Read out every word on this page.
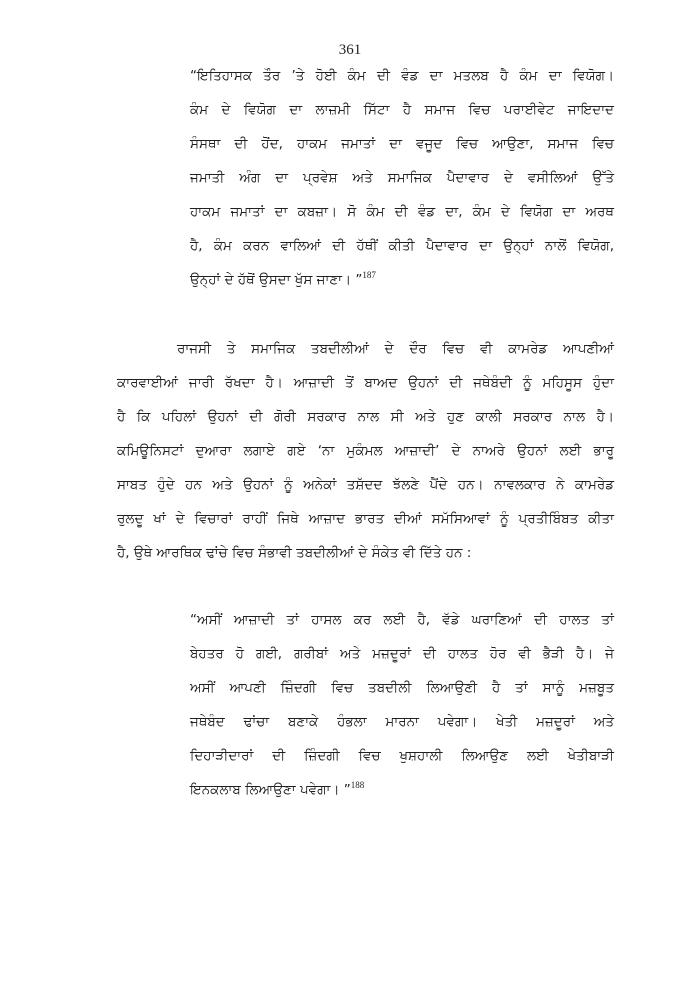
361
“ਇਤਿਹਾਸਕ ਤੌਰ ’ਤੇ ਹੋਈ ਕੰਮ ਦੀ ਵੰਡ ਦਾ ਮਤਲਬ ਹੈ ਕੰਮ ਦਾ ਵਿਯੋਗ।
ਕੰਮ ਦੇ ਵਿਯੋਗ ਦਾ ਲਾਜ਼ਮੀ ਸਿੱਟਾ ਹੈ ਸਮਾਜ ਵਿਚ ਪਰਾਈਵੇਟ ਜਾਇਦਾਦ
ਸੰਸਥਾ ਦੀ ਹੋਂਦ, ਹਾਕਮ ਜਮਾਤਾਂ ਦਾ ਵਜੂਦ ਵਿਚ ਆਉਣਾ, ਸਮਾਜ ਵਿਚ
ਜਮਾਤੀ ਅੰਗ ਦਾ ਪ੍ਰਵੇਸ਼ ਅਤੇ ਸਮਾਜਿਕ ਪੈਦਾਵਾਰ ਦੇ ਵਸੀਲਿਆਂ ਉੱਤੇ
ਹਾਕਮ ਜਮਾਤਾਂ ਦਾ ਕਬਜ਼ਾ। ਸੋ ਕੰਮ ਦੀ ਵੰਡ ਦਾ, ਕੰਮ ਦੇ ਵਿਯੋਗ ਦਾ ਅਰਥ
ਹੈ, ਕੰਮ ਕਰਨ ਵਾਲਿਆਂ ਦੀ ਹੱਥੀਂ ਕੀਤੀ ਪੈਦਾਵਾਰ ਦਾ ਉਨ੍ਹਾਂ ਨਾਲੋਂ ਵਿਯੋਗ,
ਉਨ੍ਹਾਂ ਦੇ ਹੱਥੋਂ ਉਸਦਾ ਖੁੱਸ ਜਾਣਾ। ”$^{187}$
ਰਾਜਸੀ ਤੇ ਸਮਾਜਿਕ ਤਬਦੀਲੀਆਂ ਦੇ ਦੌਰ ਵਿਚ ਵੀ ਕਾਮਰੇਡ ਆਪਣੀਆਂ
ਕਾਰਵਾਈਆਂ ਜਾਰੀ ਰੱਖਦਾ ਹੈ। ਆਜ਼ਾਦੀ ਤੋਂ ਬਾਅਦ ਉਹਨਾਂ ਦੀ ਜਥੇਬੰਦੀ ਨੂੰ ਮਹਿਸੂਸ ਹੁੰਦਾ
ਹੈ ਕਿ ਪਹਿਲਾਂ ਉਹਨਾਂ ਦੀ ਗੋਰੀ ਸਰਕਾਰ ਨਾਲ ਸੀ ਅਤੇ ਹੁਣ ਕਾਲੀ ਸਰਕਾਰ ਨਾਲ ਹੈ।
ਕਮਿਊਨਿਸਟਾਂ ਦੁਆਰਾ ਲਗਾਏ ਗਏ ‘ਨਾ ਮੁਕੰਮਲ ਆਜ਼ਾਦੀ’ ਦੇ ਨਾਅਰੇ ਉਹਨਾਂ ਲਈ ਭਾਰੂ
ਸਾਬਤ ਹੁੰਦੇ ਹਨ ਅਤੇ ਉਹਨਾਂ ਨੂੰ ਅਨੇਕਾਂ ਤਸ਼ੱਦਦ ਝੱਲਣੇ ਪੈਂਦੇ ਹਨ। ਨਾਵਲਕਾਰ ਨੇ ਕਾਮਰੇਡ
ਰੁਲਦੂ ਖਾਂ ਦੇ ਵਿਚਾਰਾਂ ਰਾਹੀਂ ਜਿਥੇ ਆਜ਼ਾਦ ਭਾਰਤ ਦੀਆਂ ਸਮੱਸਿਆਵਾਂ ਨੂੰ ਪ੍ਰਤੀਬਿੰਬਤ ਕੀਤਾ
ਹੈ, ਉਥੇ ਆਰਥਿਕ ਢਾਂਚੇ ਵਿਚ ਸੰਭਾਵੀ ਤਬਦੀਲੀਆਂ ਦੇ ਸੰਕੇਤ ਵੀ ਦਿੱਤੇ ਹਨ :
“ਅਸੀਂ ਆਜ਼ਾਦੀ ਤਾਂ ਹਾਸਲ ਕਰ ਲਈ ਹੈ, ਵੱਡੇ ਘਰਾਣਿਆਂ ਦੀ ਹਾਲਤ ਤਾਂ
ਬੇਹਤਰ ਹੋ ਗਈ, ਗਰੀਬਾਂ ਅਤੇ ਮਜ਼ਦੂਰਾਂ ਦੀ ਹਾਲਤ ਹੋਰ ਵੀ ਭੈੜੀ ਹੈ। ਜੇ
ਅਸੀਂ ਆਪਣੀ ਜ਼ਿੰਦਗੀ ਵਿਚ ਤਬਦੀਲੀ ਲਿਆਉਣੀ ਹੈ ਤਾਂ ਸਾਨੂੰ ਮਜ਼ਬੂਤ
ਜਥੇਬੰਦ ਢਾਂਚਾ ਬਣਾਕੇ ਹੰਭਲਾ ਮਾਰਨਾ ਪਵੇਗਾ। ਖੇਤੀ ਮਜ਼ਦੂਰਾਂ ਅਤੇ
ਦਿਹਾੜੀਦਾਰਾਂ ਦੀ ਜ਼ਿੰਦਗੀ ਵਿਚ ਖੁਸ਼ਹਾਲੀ ਲਿਆਉਣ ਲਈ ਖੇਤੀਬਾੜੀ
ਇਨਕਲਾਬ ਲਿਆਉਣਾ ਪਵੇਗਾ। ”$^{188}$
